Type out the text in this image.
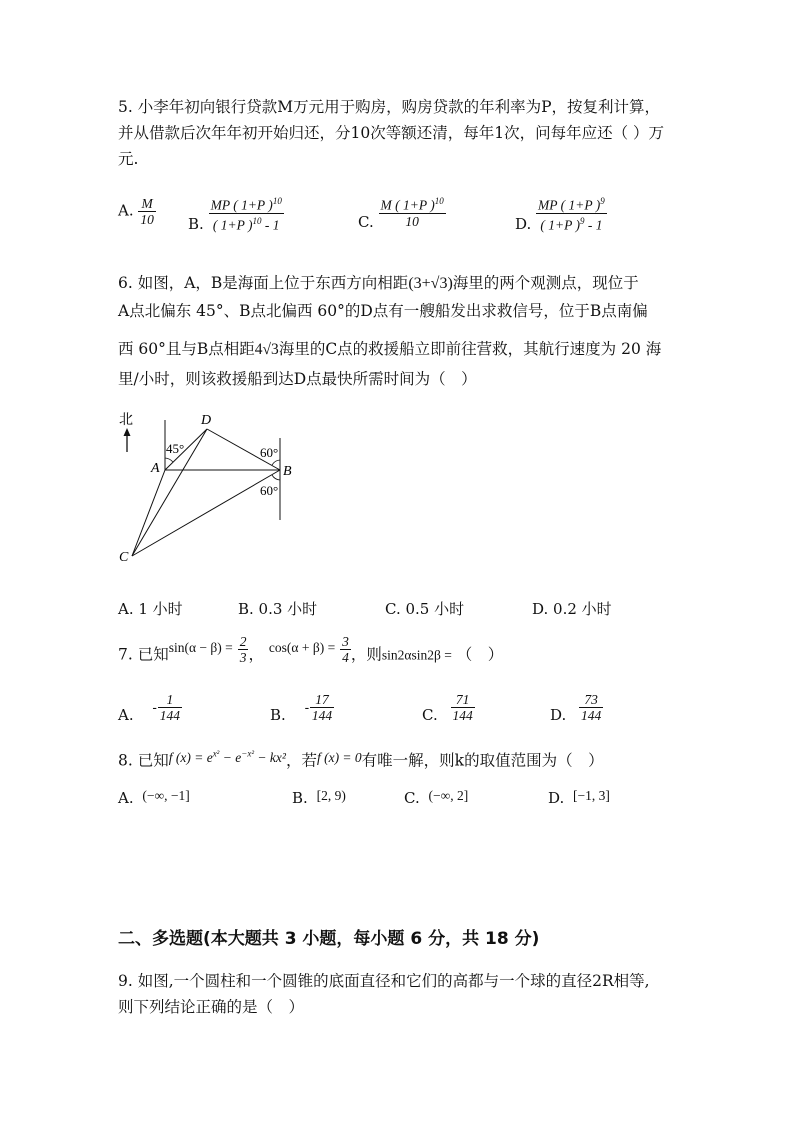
5. 小李年初向银行贷款M万元用于购房，购房贷款的年利率为P，按复利计算，
并从借款后次年年初开始归还，分10次等额还清，每年1次，问每年应还（ ）万
元.
A. $\frac{M}{10} B$. $\frac{MP ( 1+P )^{10}}{( 1+P )^{10} - 1}$	C. $\frac{M ( 1+P )^{10}}{10}$	D. $\frac{MP ( 1+P )^9}{( 1+P )^9 - 1}$
6. 如图，A，B是海面上位于东西方向相距(3+√3)海里的两个观测点，现位于
A点北偏东 45°、B点北偏西 60°的D点有一艘船发出求救信号，位于B点南偏
西 60°且与B点相距4√3海里的C点的救援船立即前往营救，其航行速度为 20 海
里/小时，则该救援船到达D点最快所需时间为（　）
北
45°	60°
60°
D
A	B
C
A. 1 小时	B. 0.3 小时	C. 0.5 小时	D. 0.2 小时
7. 已知$\sin(\alpha - \beta) = \frac{2}{3}$ ， $\cos(\alpha + \beta) = \frac{3}{4}$ ，则sin2αsin2β = （　）
A. - $\frac{1}{144}$	B. - $\frac{17}{144}$	C. $\frac{71}{144}$	D. $\frac{73}{144}$
8. 已知f $(x) = e^{x^2} - e^{-x^2} - kx^2$，若f (x) = 0有唯一解，则k的取值范围为（　）
A. (−∞, −1]	B. [2, 9)	C. (−∞, 2]	D. [−1, 3]
二、多选题(本大题共 3 小题，每小题 6 分，共 18 分)
9. 如图,一个圆柱和一个圆锥的底面直径和它们的高都与一个球的直径2R相等,
则下列结论正确的是（　）
